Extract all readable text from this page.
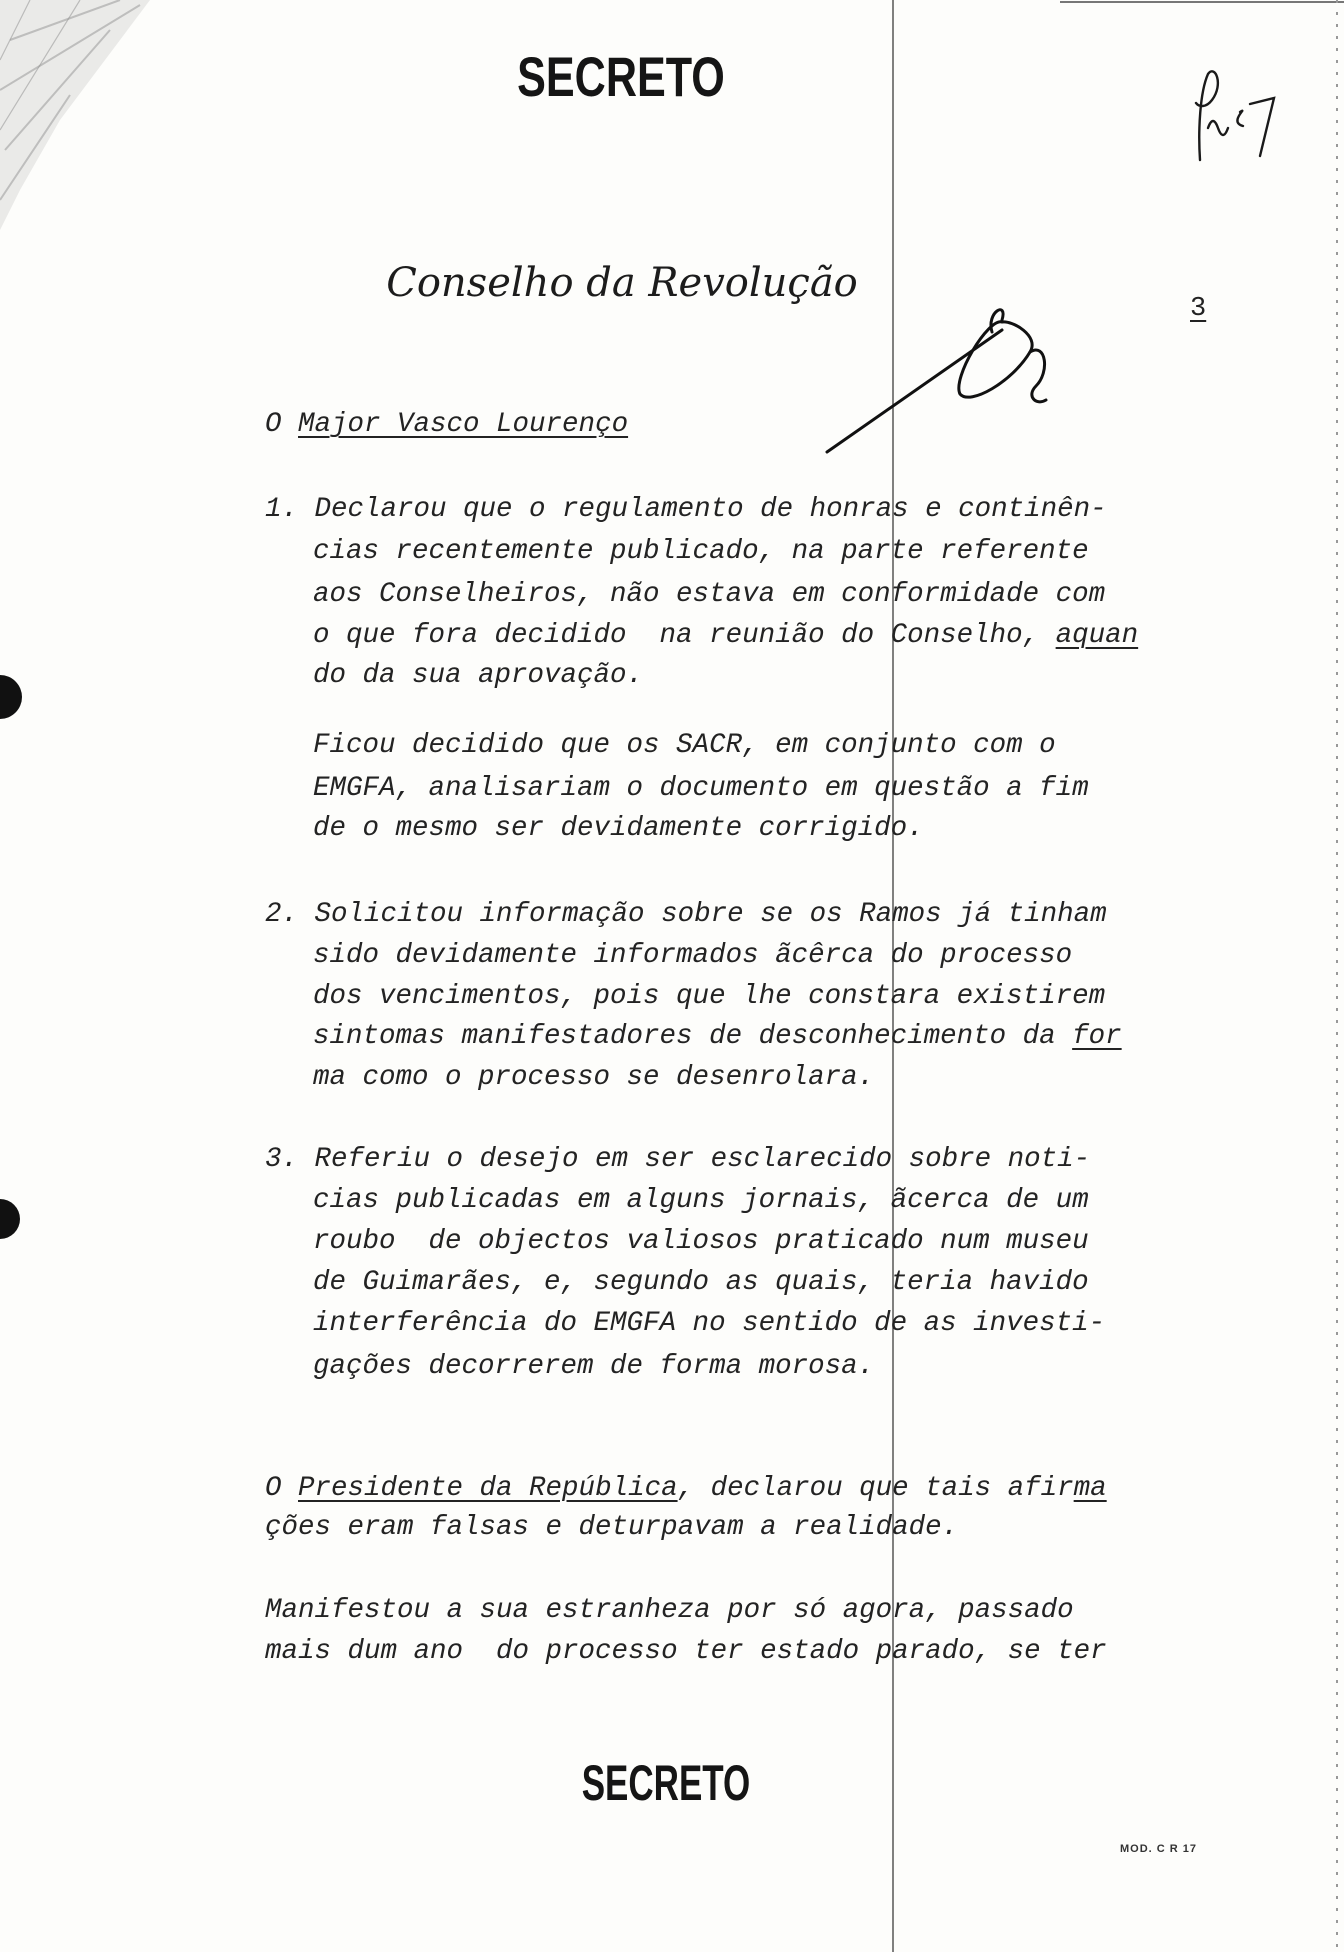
SECRETO
Conselho da Revolução
3
O Major Vasco Lourenço
1. Declarou que o regulamento de honras e continên-
cias recentemente publicado, na parte referente
aos Conselheiros, não estava em conformidade com
o que fora decidido  na reunião do Conselho, aquan
do da sua aprovação.
Ficou decidido que os SACR, em conjunto com o
EMGFA, analisariam o documento em questão a fim
de o mesmo ser devidamente corrigido.
2. Solicitou informação sobre se os Ramos já tinham
sido devidamente informados ãcêrca do processo
dos vencimentos, pois que lhe constara existirem
sintomas manifestadores de desconhecimento da for
ma como o processo se desenrolara.
3. Referiu o desejo em ser esclarecido sobre noti-
cias publicadas em alguns jornais, ãcerca de um
roubo  de objectos valiosos praticado num museu
de Guimarães, e, segundo as quais, teria havido
interferência do EMGFA no sentido de as investi-
gações decorrerem de forma morosa.
O Presidente da República, declarou que tais afirma
ções eram falsas e deturpavam a realidade.
Manifestou a sua estranheza por só agora, passado
mais dum ano  do processo ter estado parado, se ter
SECRETO
MOD. C R 17
